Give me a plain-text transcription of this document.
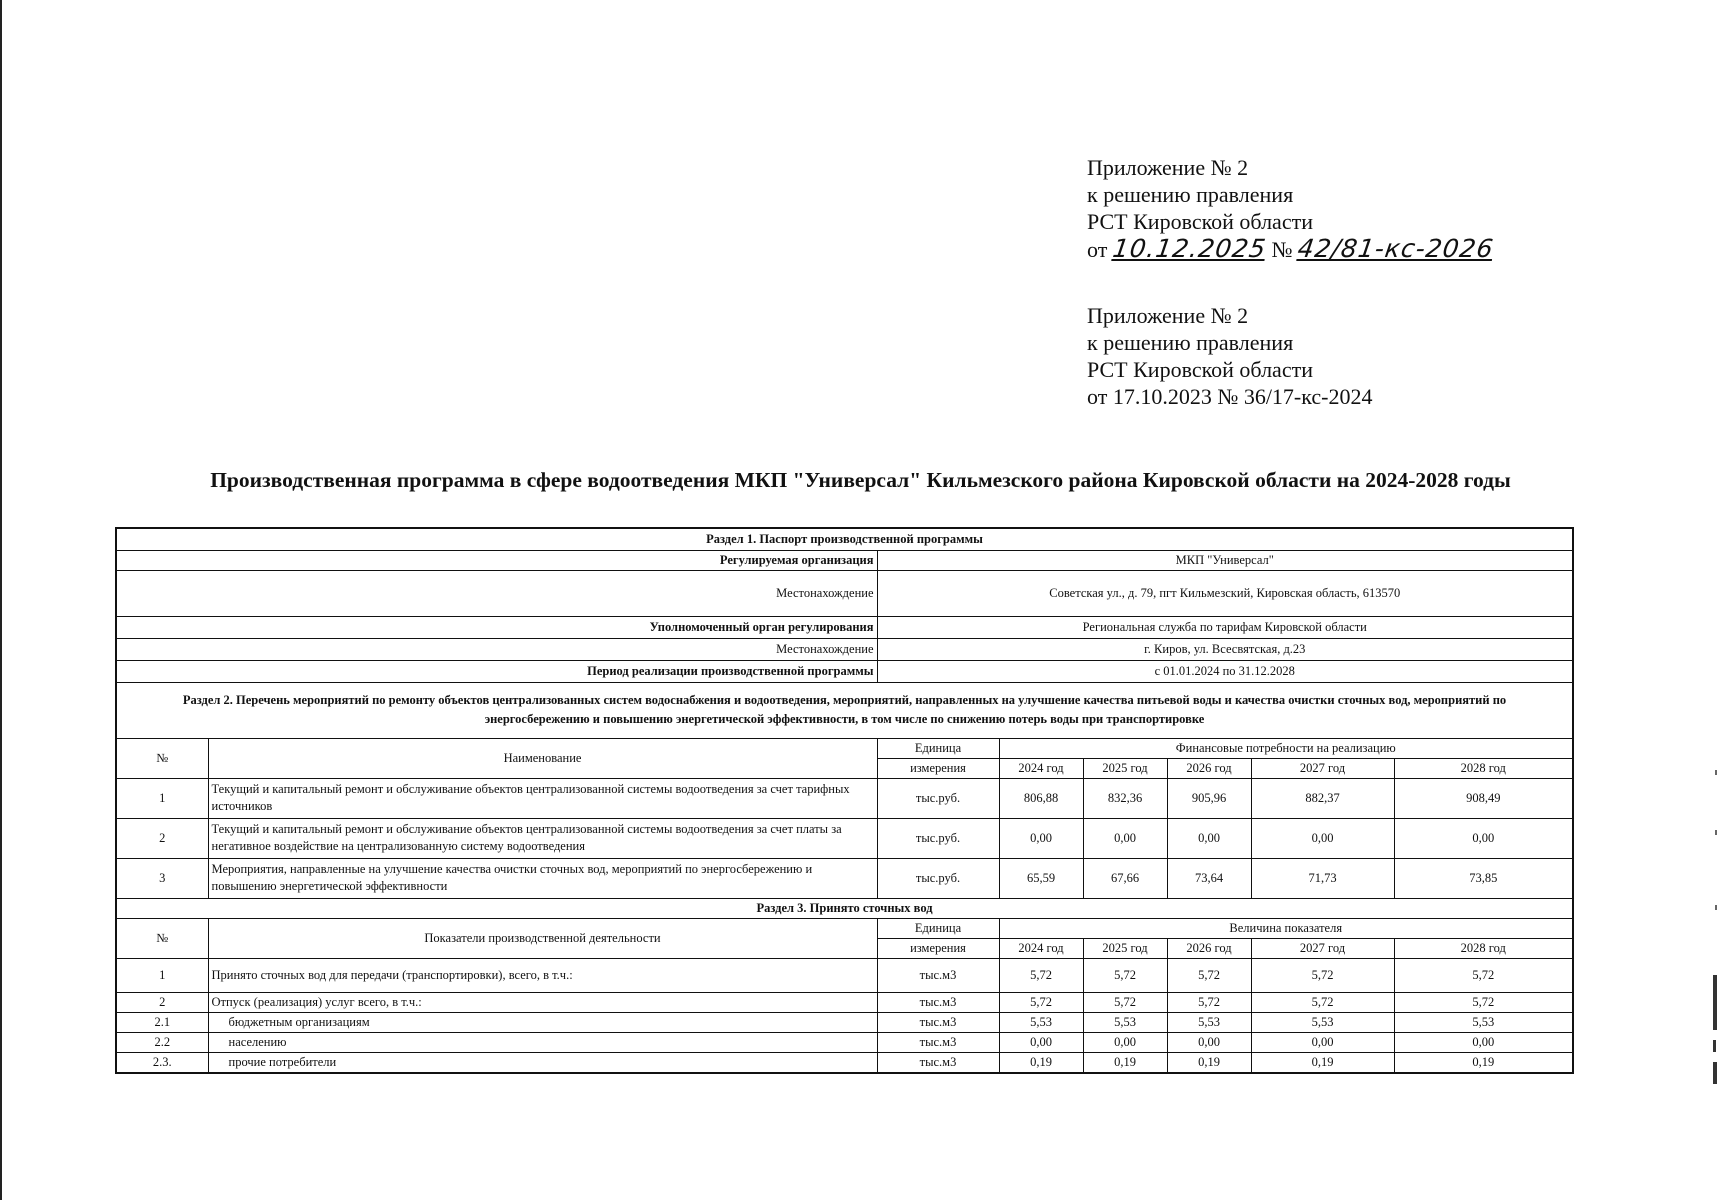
Приложение № 2
к решению правления
РСТ Кировской области
от 10.12.2025 № 42/81-кс-2026
Приложение № 2
к решению правления
РСТ Кировской области
от 17.10.2023 № 36/17-кс-2024
Производственная программа в сфере водоотведения МКП "Универсал" Кильмезского района Кировской области на 2024-2028 годы
Раздел 1. Паспорт производственной программы							
Регулируемая организация		МКП "Универсал"					
Местонахождение		Советская ул., д. 79, пгт Кильмезский, Кировская область, 613570					
Уполномоченный орган регулирования		Региональная служба по тарифам Кировской области					
Местонахождение		г. Киров, ул. Всесвятская, д.23					
Период реализации производственной программы		с 01.01.2024 по 31.12.2028					
Раздел 2. Перечень мероприятий по ремонту объектов централизованных систем водоснабжения и водоотведения, мероприятий, направленных на улучшение качества питьевой воды и качества очистки сточных вод, мероприятий по энергосбережению и повышению энергетической эффективности, в том числе по снижению потерь воды при транспортировке							
№	Наименование	Единица	Финансовые потребности на реализацию				
		измерения	2024 год	2025 год	2026 год	2027 год	2028 год
1	Текущий и капитальный ремонт и обслуживание объектов централизованной системы водоотведения за счет тарифных источников	тыс.руб.	806,88	832,36	905,96	882,37	908,49
2	Текущий и капитальный ремонт и обслуживание объектов централизованной системы водоотведения за счет платы за негативное воздействие на централизованную систему водоотведения	тыс.руб.	0,00	0,00	0,00	0,00	0,00
3	Мероприятия, направленные на улучшение качества очистки сточных вод, мероприятий по энергосбережению и повышению энергетической эффективности	тыс.руб.	65,59	67,66	73,64	71,73	73,85
Раздел 3. Принято сточных вод							
№	Показатели производственной деятельности	Единица	Величина показателя				
		измерения	2024 год	2025 год	2026 год	2027 год	2028 год
1	Принято сточных вод для передачи (транспортировки), всего, в т.ч.:	тыс.м3	5,72	5,72	5,72	5,72	5,72
2	Отпуск (реализация) услуг всего, в т.ч.:	тыс.м3	5,72	5,72	5,72	5,72	5,72
2.1	бюджетным организациям	тыс.м3	5,53	5,53	5,53	5,53	5,53
2.2	населению	тыс.м3	0,00	0,00	0,00	0,00	0,00
2.3.	прочие потребители	тыс.м3	0,19	0,19	0,19	0,19	0,19
